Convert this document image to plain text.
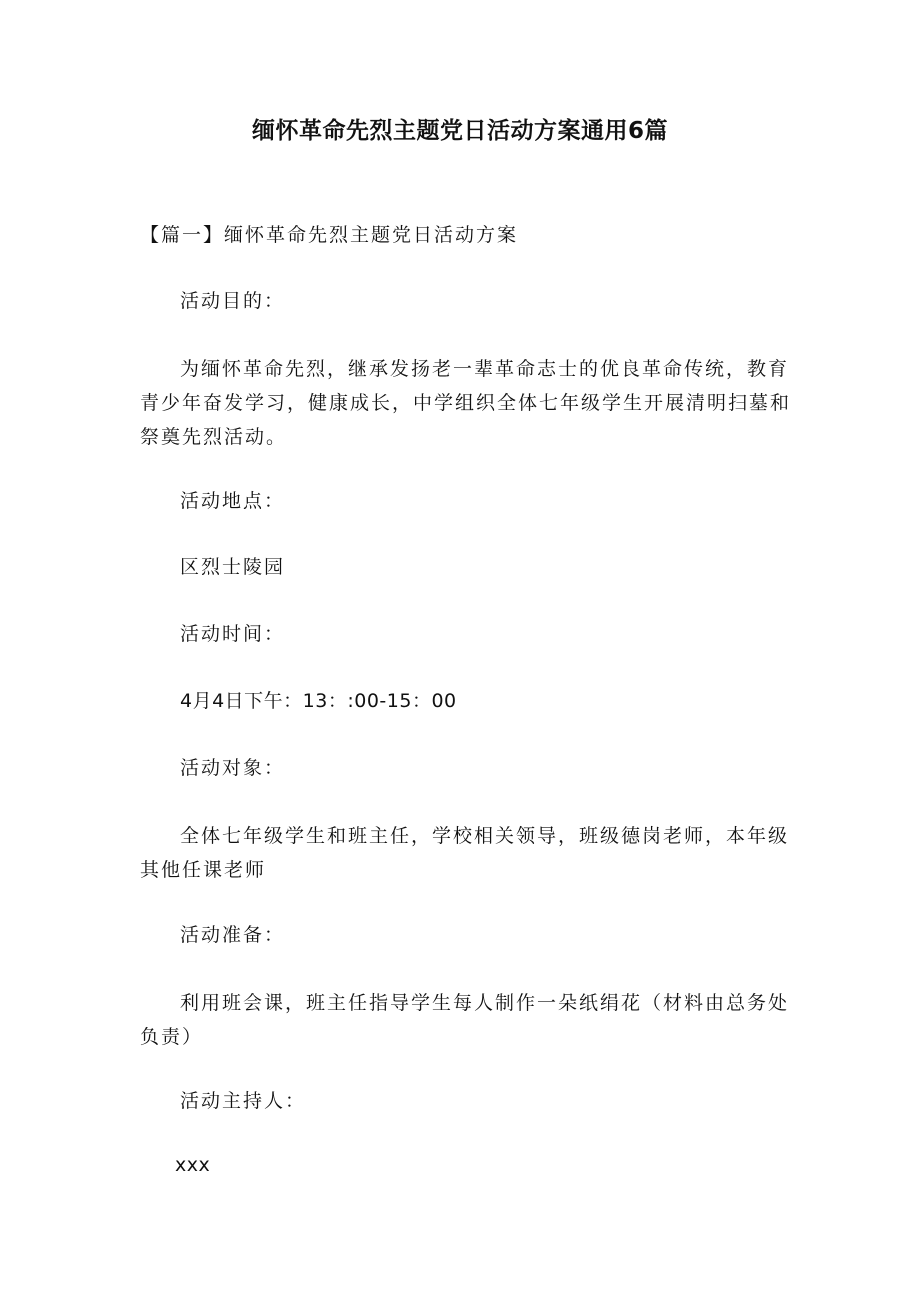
缅怀革命先烈主题党日活动方案通用6篇

【篇一】缅怀革命先烈主题党日活动方案

活动目的：

为缅怀革命先烈，继承发扬老一辈革命志士的优良革命传统，教育青少年奋发学习，健康成长，中学组织全体七年级学生开展清明扫墓和祭奠先烈活动。

活动地点：

区烈士陵园

活动时间：

4月4日下午：13：:00-15：00

活动对象：

全体七年级学生和班主任，学校相关领导，班级德岗老师，本年级其他任课老师

活动准备：

利用班会课，班主任指导学生每人制作一朵纸绢花（材料由总务处负责）

活动主持人：

xxx
